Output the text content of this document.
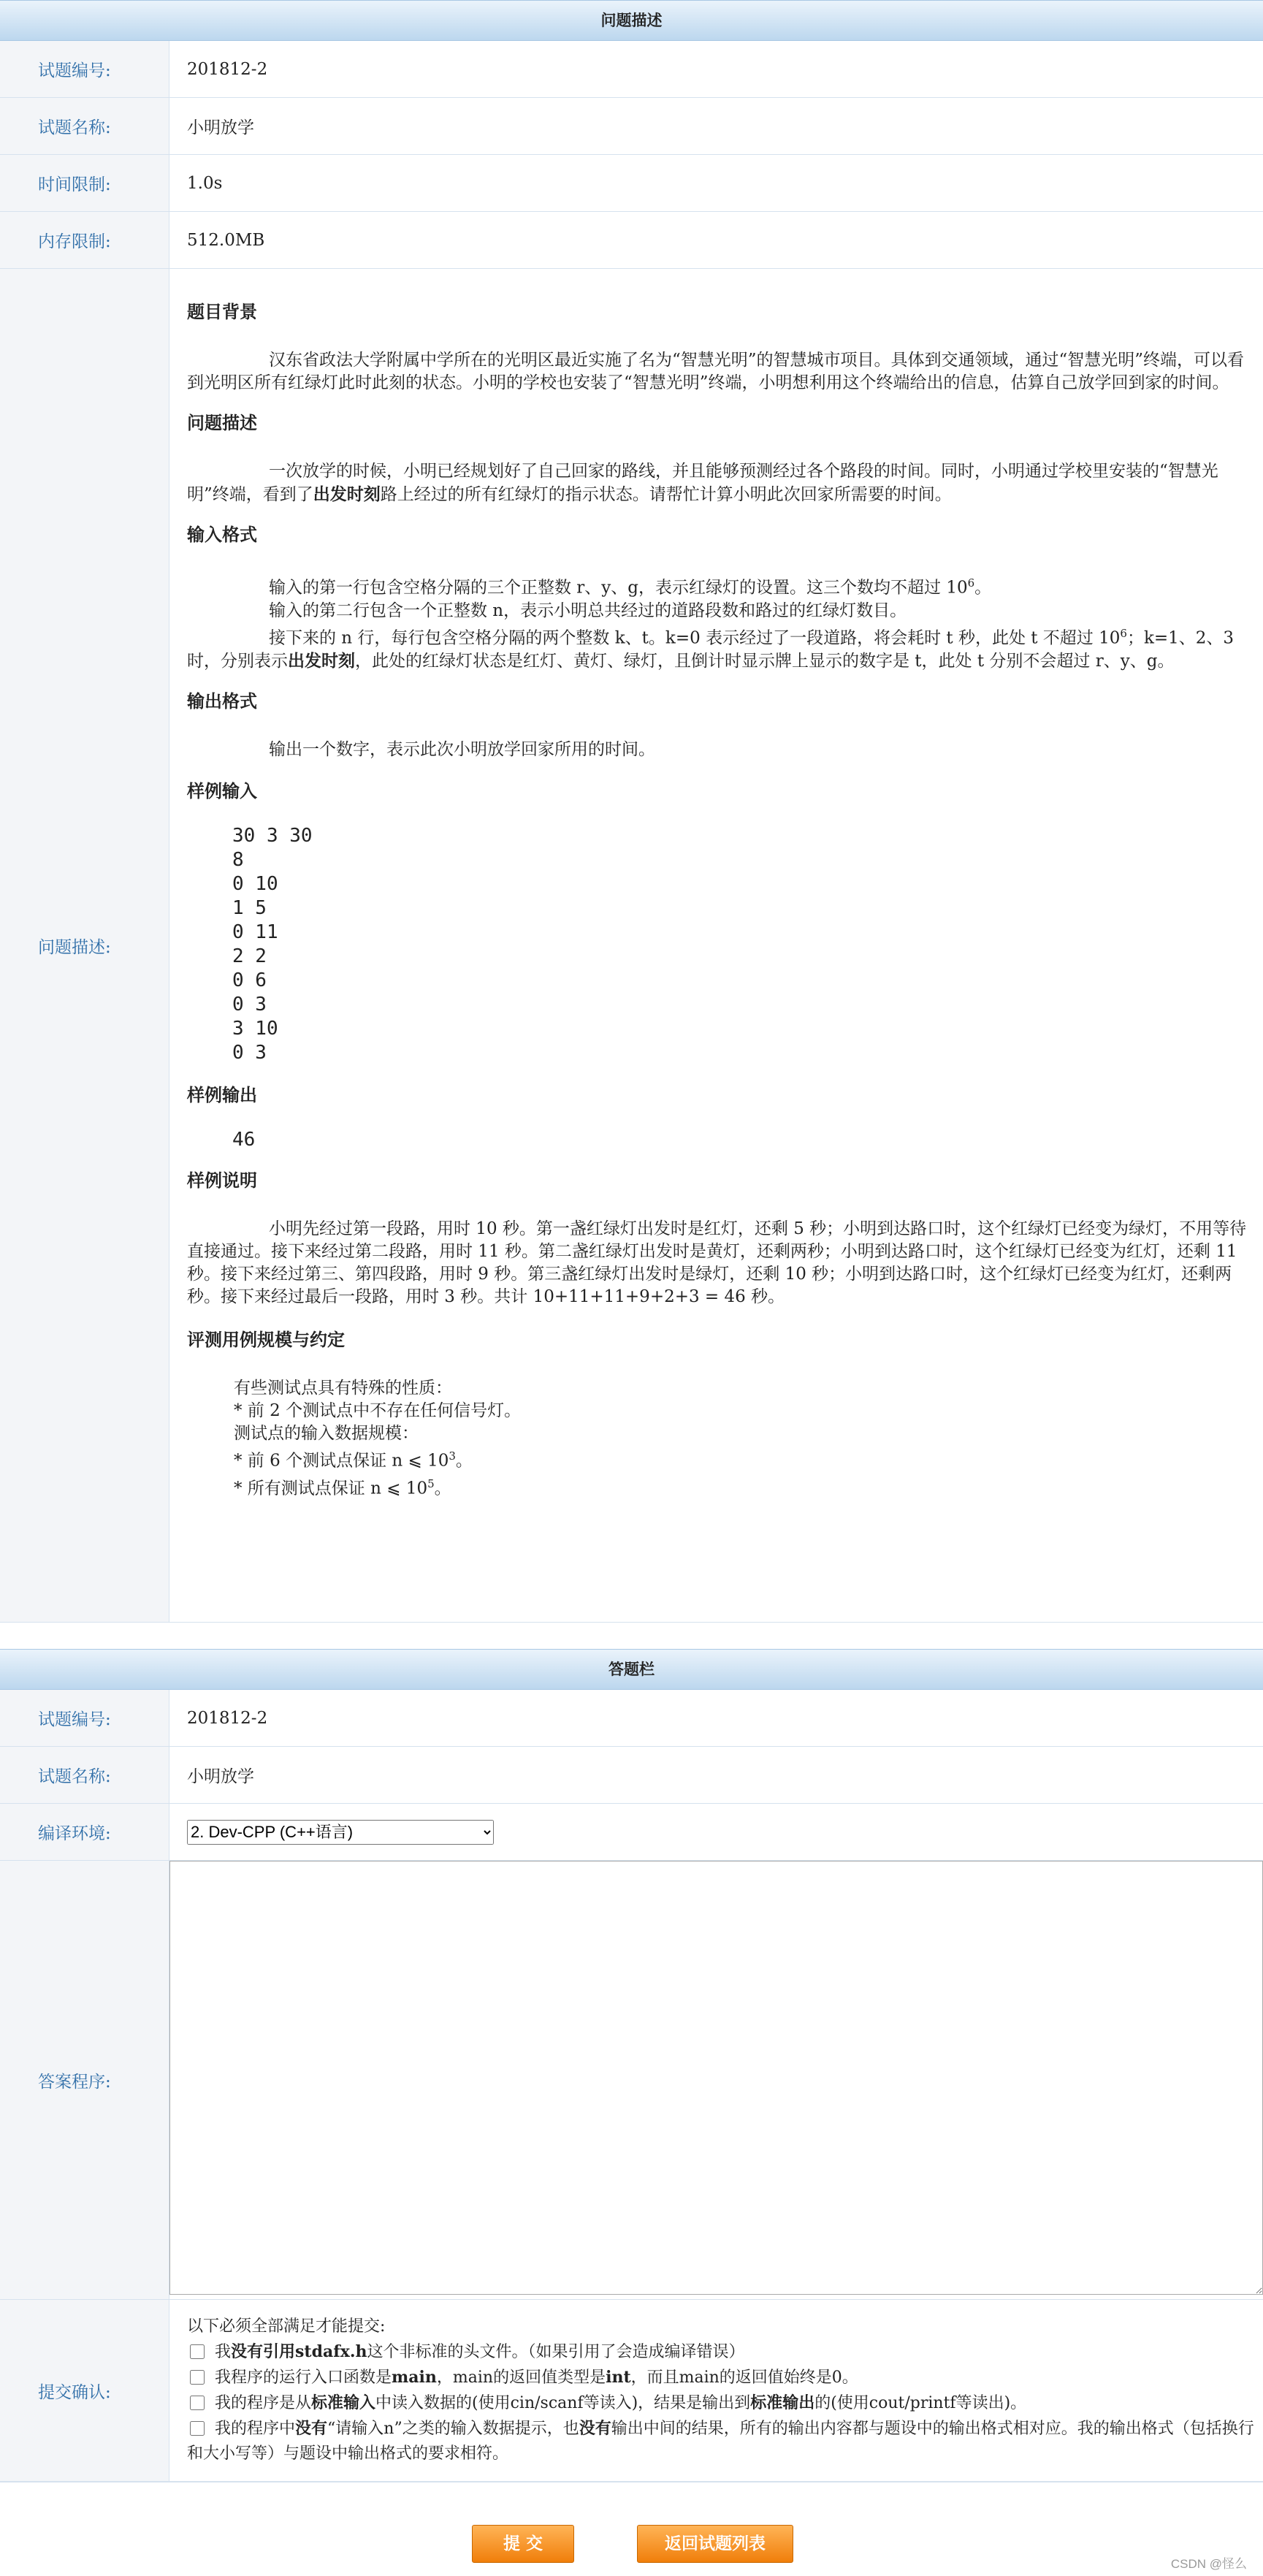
问题描述
试题编号:	201812-2
试题名称:	小明放学
时间限制:	1.0s
内存限制:	512.0MB
问题描述:
题目背景

汉东省政法大学附属中学所在的光明区最近实施了名为“智慧光明”的智慧城市项目。具体到交通领域，通过“智慧光明”终端，可以看到光明区所有红绿灯此时此刻的状态。小明的学校也安装了“智慧光明”终端，小明想利用这个终端给出的信息，估算自己放学回到家的时间。

问题描述

一次放学的时候，小明已经规划好了自己回家的路线，并且能够预测经过各个路段的时间。同时，小明通过学校里安装的“智慧光明”终端，看到了出发时刻路上经过的所有红绿灯的指示状态。请帮忙计算小明此次回家所需要的时间。

输入格式
输入的第一行包含空格分隔的三个正整数 r、y、g，表示红绿灯的设置。这三个数均不超过 $10^6$。
输入的第二行包含一个正整数 n，表示小明总共经过的道路段数和路过的红绿灯数目。
接下来的 n 行，每行包含空格分隔的两个整数 k、t。k=0 表示经过了一段道路，将会耗时 t 秒，此处 t 不超过 $10^6$；k=1、2、3 时，分别表示出发时刻，此处的红绿灯状态是红灯、黄灯、绿灯，且倒计时显示牌上显示的数字是 t，此处 t 分别不会超过 r、y、g。
输出格式
输出一个数字，表示此次小明放学回家所用的时间。
样例输入
30 3 30
8
0 10
1 5
0 11
2 2
0 6
0 3
3 10
0 3
样例输出
46
样例说明

小明先经过第一段路，用时 10 秒。第一盏红绿灯出发时是红灯，还剩 5 秒；小明到达路口时，这个红绿灯已经变为绿灯，不用等待直接通过。接下来经过第二段路，用时 11 秒。第二盏红绿灯出发时是黄灯，还剩两秒；小明到达路口时，这个红绿灯已经变为红灯，还剩 11 秒。接下来经过第三、第四段路，用时 9 秒。第三盏红绿灯出发时是绿灯，还剩 10 秒；小明到达路口时，这个红绿灯已经变为红灯，还剩两秒。接下来经过最后一段路，用时 3 秒。共计 10+11+11+9+2+3 = 46 秒。

评测用例规模与约定
有些测试点具有特殊的性质：
* 前 2 个测试点中不存在任何信号灯。
测试点的输入数据规模：
* 前 6 个测试点保证 n ⩽ $10^3$。
* 所有测试点保证 n ⩽ $10^5$。
答题栏
试题编号:	201812-2
试题名称:	小明放学
编译环境:
2. Dev-CPP (C++语言)
答案程序:
提交确认:
以下必须全部满足才能提交:
我没有引用stdafx.h这个非标准的头文件。（如果引用了会造成编译错误）
我程序的运行入口函数是main，main的返回值类型是int，而且main的返回值始终是0。
我的程序是从标准输入中读入数据的(使用cin/scanf等读入)，结果是输出到标准输出的(使用cout/printf等读出)。
我的程序中没有“请输入n”之类的输入数据提示，也没有输出中间的结果，所有的输出内容都与题设中的输出格式相对应。我的输出格式（包括换行和大小写等）与题设中输出格式的要求相符。
提 交	返回试题列表
CSDN @怪么
